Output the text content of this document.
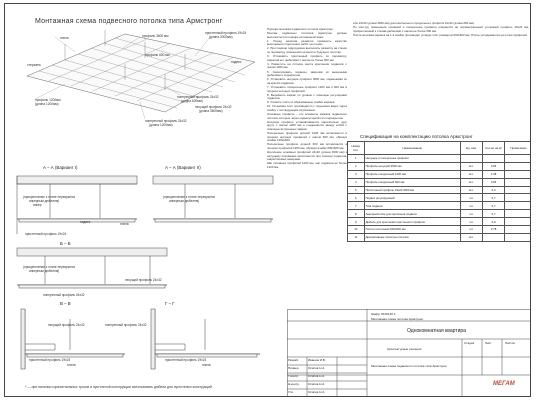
Монтажная схема подвесного потолка типа Армстронг
плита	профиль 3600 мм
профиль 600 мм
пристенный профиль 19х24
(длина 3000мм)
подвес
стержень
профиль 1200мм
(длина 1200мм)
поперечный профиль 24х32
(длина 600мм)
несущий профиль 24х32
(длина 3600мм)
поперечный профиль 24х32
(длина 1200мм)
(прикрепление к плите перекрытия
анкерным дюбелем)
(прикрепление к плите перекрытия
анкерным дюбелем)
анкер
подвес	плита
пристенный профиль 19х24
(прикрепление к плите перекрытия
анкерным дюбелем)
несущий профиль 24х32
поперечный профиль 24х32
несущий профиль 24х32	поперечный профиль 24х32
пристенный профиль 19х24	пристенный профиль 19х24
плита	плита
А – А (Вариант I)	А – А (Вариант II)
Б – Б
В – В	Г – Г

Порядок монтажа подвесного потолка Армстронг

Монтаж подвесных потолков Армстронг должен выполняться в порядке изложенном ниже.

1. Перед началом разметки проверить качество выполнения отделочных работ на стенах.

2. При помощи гидроуровня выполнить разметку на стенах по периметру помещения на высоте будущего потолка.

3. Установить пристенный профиль по периметру, закрепив его дюбелями с шагом не более 500 мм.

4. Разметить на потолке места крепления подвесов с шагом 1200 мм.

5. Смонтировать подвесы, закрепив их анкерными дюбелями к перекрытию.

6. Установить несущие профили 3600 мм, подвешивая их на крючки подвесов.

7. Установить поперечные профили 1200 мм и 600 мм в прорези несущих профилей.

8. Выровнять каркас по уровню с помощью регулировки подвесов.

9. Уложить плиты в образованные ячейки каркаса.

10. Установка плит производится с подъемом вверх через ячейку с последующим опусканием.

Основные профили – это элементы каркаса подвесного потолка, которые через подвесы крепятся к перекрытию.

Несущие профили устанавливаются параллельно друг другу с шагом 1200 мм и соединяются между собой с помощью встроенных замков.

Поперечные профили длиной 1200 мм вставляются в прорези несущих профилей с шагом 600 мм, образуя ячейки 1200х600.

Поперечные профили длиной 600 мм вставляются в прорези профилей 1200 мм, образуя ячейки 600х600 мм.

Крепление основных профилей 24х32 (длина 3600 мм) к несущему основанию выполняется при помощи подвесов, закрепляемых анкерами.

Шаг основных профилей 1200 мм, шаг подвесов не более 1200 мм.

или 24х32 (длина 3600 мм) дополнительного продольного профиля 24х32 (длина 600 мм).

По контуру помещения основной и поперечные профили опираются на периметральный уголковый профиль 19х24 мм, прикрепленный к стенам дюбелями с шагом не более 500 мм.

После монтажа каркаса на 1-2 ячейки производят укладку плит размером 600х600 мм. Плиты укладываются на полки профилей.

Спецификация на комплектацию потолка Армстронг
Номер поз.	Наименование	Ед. изм.	Кол-во на м²	Примечание
1	Несущие и поперечные профили			
2	Профиль несущий 3600 мм	м.п.	0,84	
3	Профиль поперечный 1200 мм	м.п.	1,68	
4	Профиль поперечный 600 мм	м.п.	0,84	
5	Пристенный профиль 19х24 3000 мм	м.п.	0,4	
6	Подвес регулируемый	шт.	0,7	
7	Тяга подвеса	шт.	0,7	
8	Анкерный клин для крепления подвеса	шт.	0,7	
9	Дюбель для крепления пристенного профиля	шт.	0,8	
10	Плита потолочная 600х600 мм	шт.	2,78	
11	Декоративные плинтусы потолка	м.п.		
* — при наличии горизонтальных тросов и пустотелой конструкции использовать дюбели для пустотелых конструкций
Шифр: 8100140.2
Монтажная схема потолка Армстронг
Однокомнатная квартира
Архитектурные решения
Монтажная схема подвесного потолка типа Армстронг
Стадия	Лист	Листов
Разраб.	Ивашов И.В.
Провер.	Осипов Н.А.
Т.контр.	Осипов Н.А.
Н.контр.	Осипов Н.А.
Утв.	Осипов Н.А.
МЕГАМ
